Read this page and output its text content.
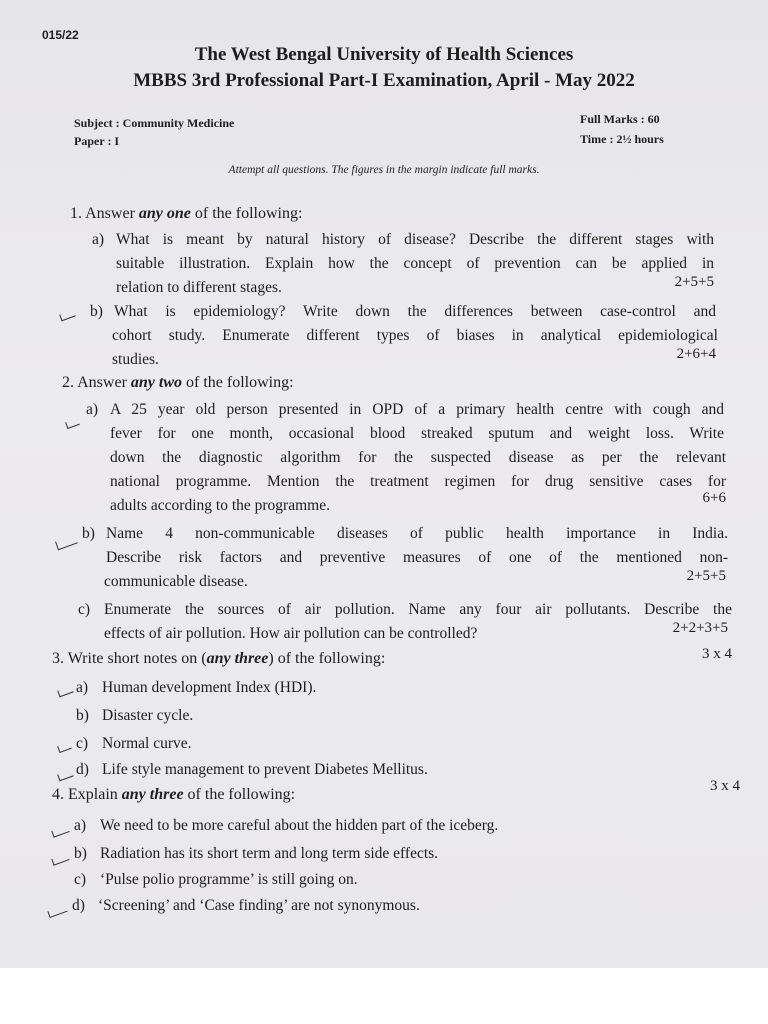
015/22
The West Bengal University of Health Sciences
MBBS 3rd Professional Part-I Examination, April - May 2022
Subject : Community Medicine
Paper : I
Full Marks : 60
Time : 2½ hours
Attempt all questions. The figures in the margin indicate full marks.
1. Answer any one of the following:
a) What is meant by natural history of disease? Describe the different stages with
suitable illustration. Explain how the concept of prevention can be applied in
relation to different stages.	2+5+5
b) What is epidemiology? Write down the differences between case-control and
cohort study. Enumerate different types of biases in analytical epidemiological
studies.	2+6+4
2. Answer any two of the following:
a) A 25 year old person presented in OPD of a primary health centre with cough and
fever for one month, occasional blood streaked sputum and weight loss. Write
down the diagnostic algorithm for the suspected disease as per the relevant
national programme. Mention the treatment regimen for drug sensitive cases for
adults according to the programme.	6+6
b) Name 4 non-communicable diseases of public health importance in India.
Describe risk factors and preventive measures of one of the mentioned non-
communicable disease.	2+5+5
c) Enumerate the sources of air pollution. Name any four air pollutants. Describe the
effects of air pollution. How air pollution can be controlled?	2+2+3+5
3. Write short notes on (any three) of the following:	3 x 4
a) Human development Index (HDI).
b) Disaster cycle.
c) Normal curve.
d) Life style management to prevent Diabetes Mellitus.
4. Explain any three of the following:	3 x 4
a) We need to be more careful about the hidden part of the iceberg.
b) Radiation has its short term and long term side effects.
c) ‘Pulse polio programme’ is still going on.
d) ‘Screening’ and ‘Case finding’ are not synonymous.
